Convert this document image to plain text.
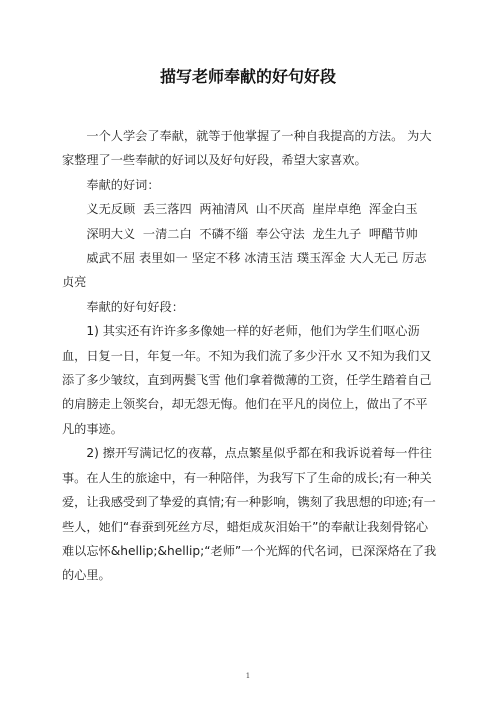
描写老师奉献的好句好段

一个人学会了奉献，就等于他掌握了一种自我提高的方法。 为大家整理了一些奉献的好词以及好句好段，希望大家喜欢。

奉献的好词：

义无反顾  丢三落四  两袖清风  山不厌高  崖岸卓绝  浑金白玉

深明大义  一清二白  不磷不缁  奉公守法  龙生九子  呷醋节帅

威武不屈 表里如一 坚定不移 冰清玉洁 璞玉浑金 大人无己 厉志贞亮

奉献的好句好段：

1) 其实还有许许多多像她一样的好老师，他们为学生们呕心沥血，日复一日，年复一年。不知为我们流了多少汗水 又不知为我们又添了多少皱纹，直到两鬓飞雪 他们拿着微薄的工资，任学生踏着自己的肩膀走上领奖台，却无怨无悔。他们在平凡的岗位上，做出了不平凡的事迹。

2) 擦开写满记忆的夜幕，点点繁星似乎都在和我诉说着每一件往事。在人生的旅途中，有一种陪伴，为我写下了生命的成长;有一种关爱，让我感受到了挚爱的真情;有一种影响，镌刻了我思想的印迹;有一些人，她们“春蚕到死丝方尽，蜡炬成灰泪始干”的奉献让我刻骨铭心难以忘怀&hellip;&hellip;“老师”一个光辉的代名词，已深深烙在了我的心里。

1
